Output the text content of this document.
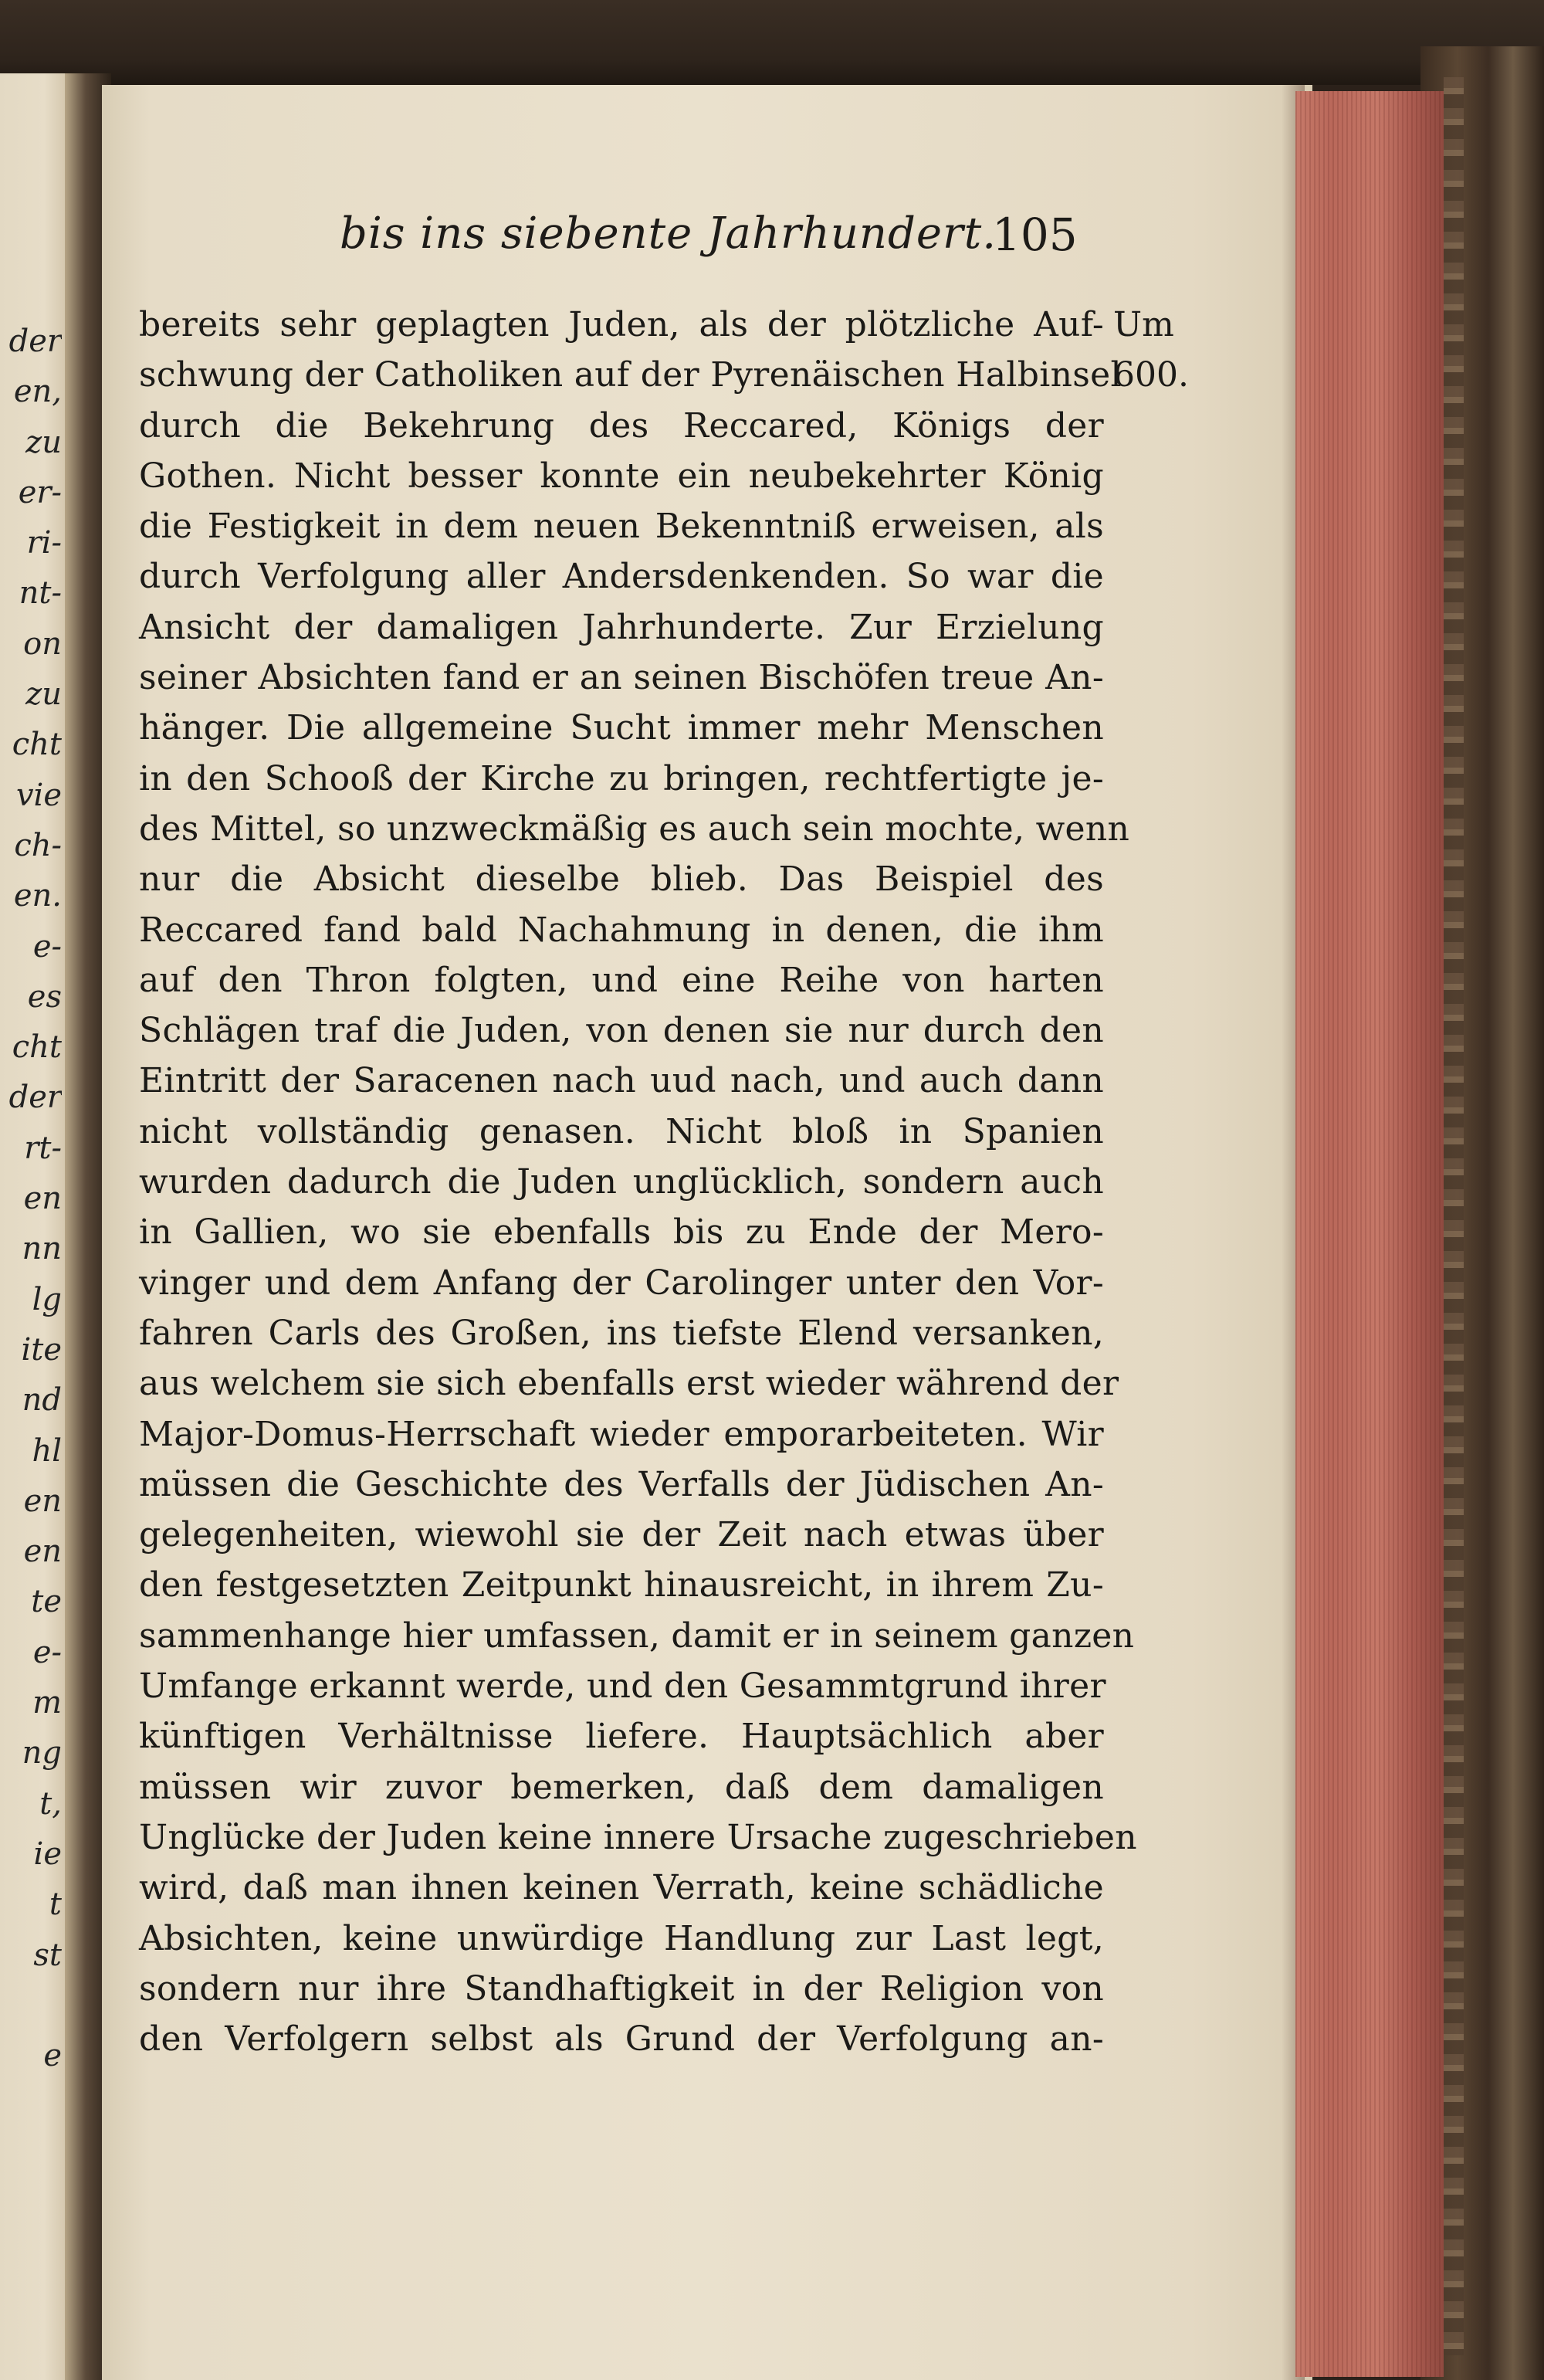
der
en,
zu
er-
ri-
nt-
on
zu
cht
vie
ch-
en.
e-
es
cht
der
rt-
en
nn
lg
ite
nd
hl
en
en
te
e-
m
ng
t,
ie
t
st
e
bis ins siebente Jahrhundert.
105
bereits sehr geplagten Juden, als der plötzliche Auf-
schwung der Catholiken auf der Pyrenäischen Halbinsel
durch die Bekehrung des Reccared, Königs der
Gothen. Nicht besser konnte ein neubekehrter König
die Festigkeit in dem neuen Bekenntniß erweisen, als
durch Verfolgung aller Andersdenkenden. So war die
Ansicht der damaligen Jahrhunderte. Zur Erzielung
seiner Absichten fand er an seinen Bischöfen treue An-
hänger. Die allgemeine Sucht immer mehr Menschen
in den Schooß der Kirche zu bringen, rechtfertigte je-
des Mittel, so unzweckmäßig es auch sein mochte, wenn
nur die Absicht dieselbe blieb. Das Beispiel des
Reccared fand bald Nachahmung in denen, die ihm
auf den Thron folgten, und eine Reihe von harten
Schlägen traf die Juden, von denen sie nur durch den
Eintritt der Saracenen nach uud nach, und auch dann
nicht vollständig genasen. Nicht bloß in Spanien
wurden dadurch die Juden unglücklich, sondern auch
in Gallien, wo sie ebenfalls bis zu Ende der Mero-
vinger und dem Anfang der Carolinger unter den Vor-
fahren Carls des Großen, ins tiefste Elend versanken,
aus welchem sie sich ebenfalls erst wieder während der
Major-Domus-Herrschaft wieder emporarbeiteten. Wir
müssen die Geschichte des Verfalls der Jüdischen An-
gelegenheiten, wiewohl sie der Zeit nach etwas über
den festgesetzten Zeitpunkt hinausreicht, in ihrem Zu-
sammenhange hier umfassen, damit er in seinem ganzen
Umfange erkannt werde, und den Gesammtgrund ihrer
künftigen Verhältnisse liefere. Hauptsächlich aber
müssen wir zuvor bemerken, daß dem damaligen
Unglücke der Juden keine innere Ursache zugeschrieben
wird, daß man ihnen keinen Verrath, keine schädliche
Absichten, keine unwürdige Handlung zur Last legt,
sondern nur ihre Standhaftigkeit in der Religion von
den Verfolgern selbst als Grund der Verfolgung an-
Um
600.
